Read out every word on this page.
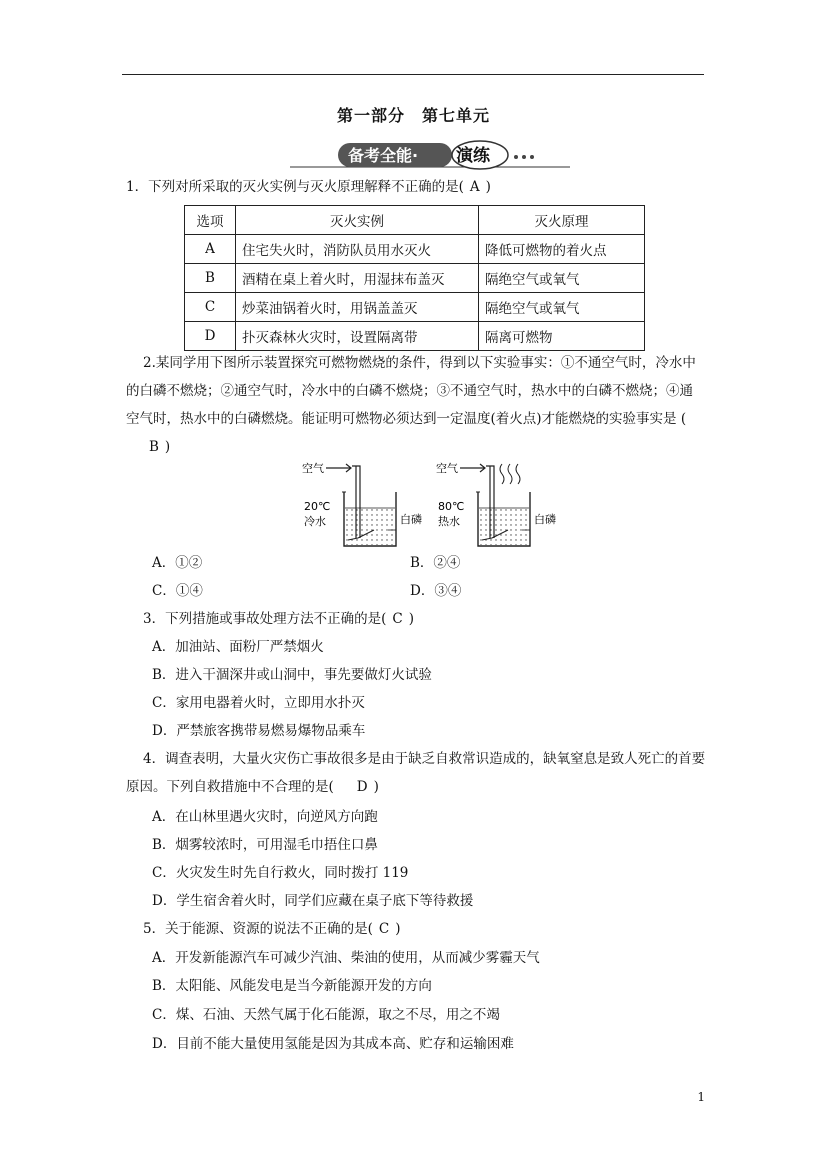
第一部分　第七单元
备考全能· 演练
1．下列对所采取的灭火实例与灭火原理解释不正确的是( A )
选项	灭火实例	灭火原理
A	住宅失火时，消防队员用水灭火	降低可燃物的着火点
B	酒精在桌上着火时，用湿抹布盖灭	隔绝空气或氧气
C	炒菜油锅着火时，用锅盖盖灭	隔绝空气或氧气
D	扑灭森林火灾时，设置隔离带	隔离可燃物
2.某同学用下图所示装置探究可燃物燃烧的条件，得到以下实验事实：①不通空气时，冷水中的白磷不燃烧；②通空气时，冷水中的白磷不燃烧；③不通空气时，热水中的白磷不燃烧；④通空气时，热水中的白磷燃烧。能证明可燃物必须达到一定温度(着火点)才能燃烧的实验事实是 (B )
空气
20℃
冷水	白磷
空气
80℃
热水	白磷
A．①②	B．②④
C．①④	D．③④
3．下列措施或事故处理方法不正确的是( C )
A．加油站、面粉厂严禁烟火
B．进入干涸深井或山洞中，事先要做灯火试验
C．家用电器着火时，立即用水扑灭
D．严禁旅客携带易燃易爆物品乘车
4．调查表明，大量火灾伤亡事故很多是由于缺乏自救常识造成的，缺氧窒息是致人死亡的首要原因。下列自救措施中不合理的是( D )
A．在山林里遇火灾时，向逆风方向跑
B．烟雾较浓时，可用湿毛巾捂住口鼻
C．火灾发生时先自行救火，同时拨打 119
D．学生宿舍着火时，同学们应藏在桌子底下等待救援
5．关于能源、资源的说法不正确的是( C )
A．开发新能源汽车可减少汽油、柴油的使用，从而减少雾霾天气
B．太阳能、风能发电是当今新能源开发的方向
C．煤、石油、天然气属于化石能源，取之不尽，用之不竭
D．目前不能大量使用氢能是因为其成本高、贮存和运输困难
1
